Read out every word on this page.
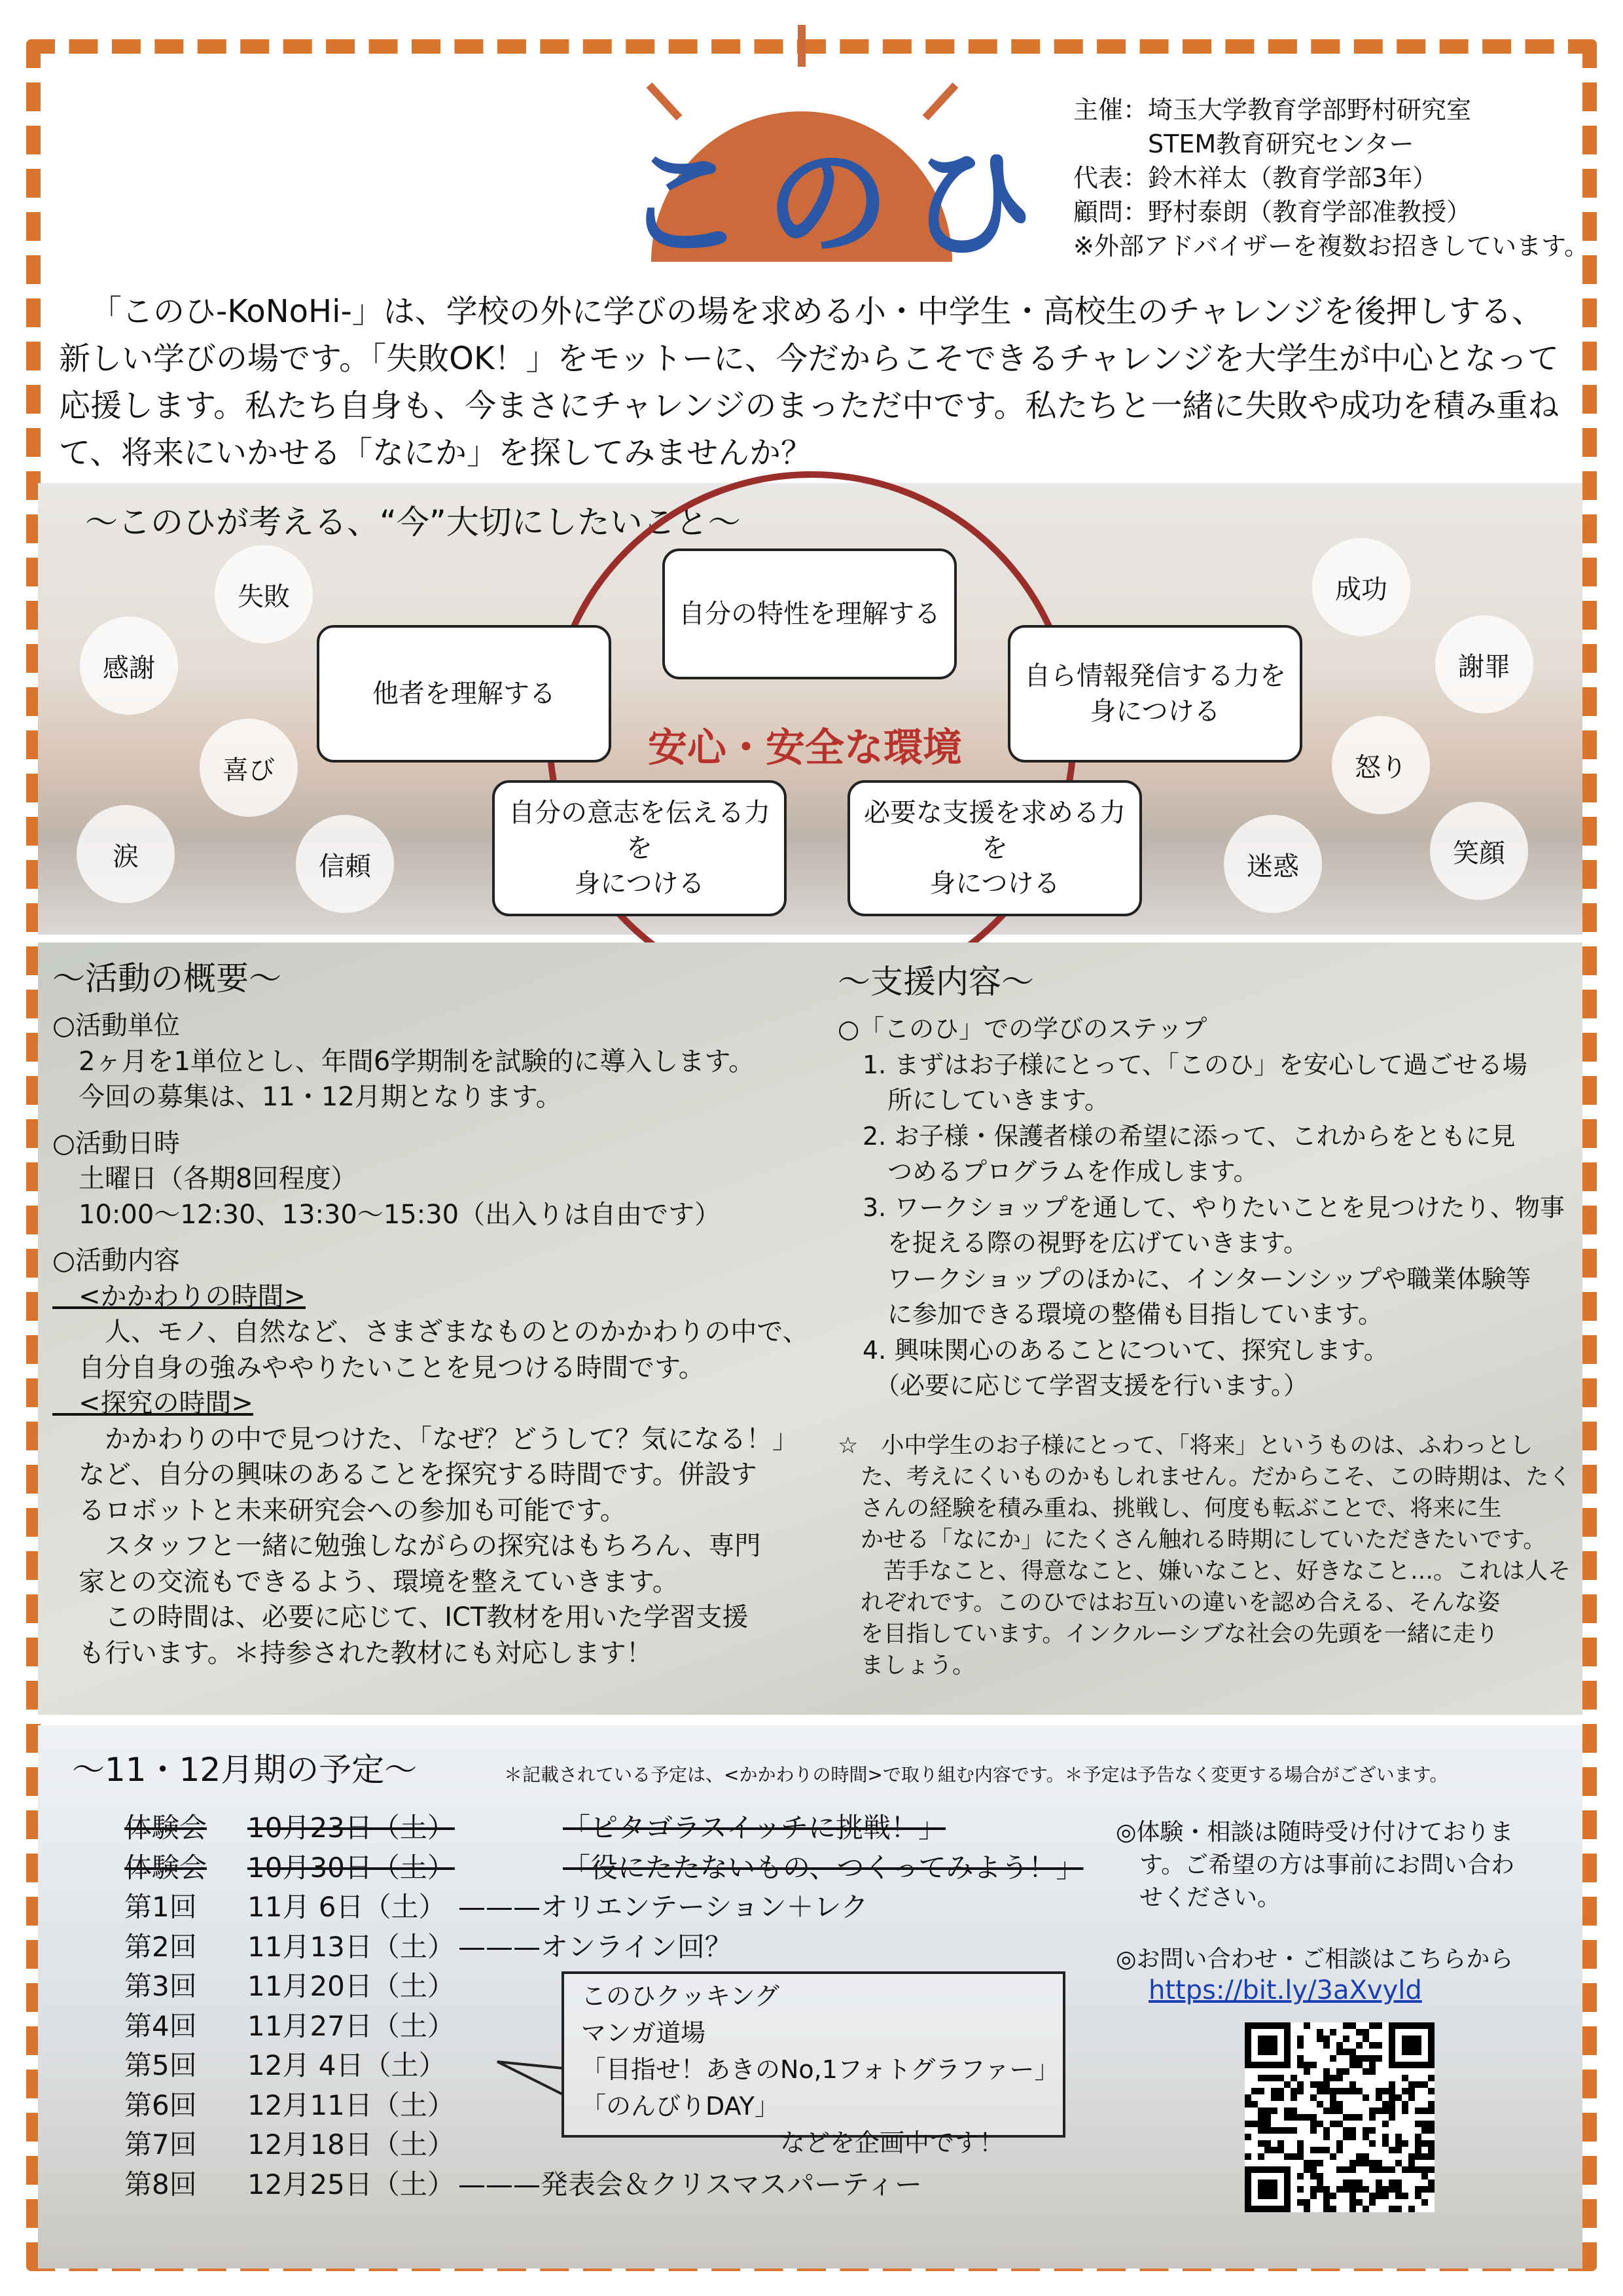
このひ
主催：埼玉大学教育学部野村研究室
　　　STEM教育研究センター
代表：鈴木祥太（教育学部3年）
顧問：野村泰朗（教育学部准教授）
※外部アドバイザーを複数お招きしています。
「このひ-KoNoHi-」は、学校の外に学びの場を求める小・中学生・高校生のチャレンジを後押しする、新しい学びの場です。「失敗OK！」をモットーに、今だからこそできるチャレンジを大学生が中心となって応援します。私たち自身も、今まさにチャレンジのまっただ中です。私たちと一緒に失敗や成功を積み重ねて、将来にいかせる「なにか」を探してみませんか？
～このひが考える、“今”大切にしたいこと～
安心・安全な環境
自分の特性を理解する
他者を理解する
自ら情報発信する力を
身につける
自分の意志を伝える力を
身につける
必要な支援を求める力を
身につける
失敗
感謝
喜び
涙	信頼
成功
謝罪
怒り
迷惑	笑顔
～活動の概要～

○活動単位

　2ヶ月を1単位とし、年間6学期制を試験的に導入します。

　今回の募集は、11・12月期となります。

○活動日時

　土曜日（各期8回程度）

　10:00～12:30、13:30～15:30（出入りは自由です）

○活動内容

　<かかわりの時間>

　　人、モノ、自然など、さまざまなものとのかかわりの中で、

　自分自身の強みややりたいことを見つける時間です。

　<探究の時間>

　　かかわりの中で見つけた、「なぜ？どうして？気になる！」

　など、自分の興味のあることを探究する時間です。併設す

　るロボットと未来研究会への参加も可能です。

　　スタッフと一緒に勉強しながらの探究はもちろん、専門

　家との交流もできるよう、環境を整えていきます。

　　この時間は、必要に応じて、ICT教材を用いた学習支援

　も行います。＊持参された教材にも対応します！

～支援内容～

○「このひ」での学びのステップ

　1. まずはお子様にとって、「このひ」を安心して過ごせる場

　　所にしていきます。

　2. お子様・保護者様の希望に添って、これからをともに見

　　つめるプログラムを作成します。

　3. ワークショップを通して、やりたいことを見つけたり、物事

　　を捉える際の視野を広げていきます。

　　ワークショップのほかに、インターンシップや職業体験等

　　に参加できる環境の整備も目指しています。

　4. 興味関心のあることについて、探究します。

　　（必要に応じて学習支援を行います。）

☆　小中学生のお子様にとって、「将来」というものは、ふわっとし

　た、考えにくいものかもしれません。だからこそ、この時期は、たく

　さんの経験を積み重ね、挑戦し、何度も転ぶことで、将来に生

　かせる「なにか」にたくさん触れる時期にしていただきたいです。

　　苦手なこと、得意なこと、嫌いなこと、好きなこと…。これは人そ

　れぞれです。このひではお互いの違いを認め合える、そんな姿

　を目指しています。インクルーシブな社会の先頭を一緒に走り

　ましょう。

～11・12月期の予定～	＊記載されている予定は、<かかわりの時間>で取り組む内容です。＊予定は予告なく変更する場合がございます。
体験会 10月23日（土）	「ピタゴラスイッチに挑戦！」
体験会 10月30日（土）	「役にたたないもの、つくってみよう！」
第1回 11月 6日（土） ———オリエンテーション＋レク
第2回 11月13日（土） ———オンライン回？
第3回 11月20日（土）
第4回 11月27日（土）
第5回 12月 4日（土）
第6回 12月11日（土）
第7回 12月18日（土）
第8回 12月25日（土） ———発表会＆クリスマスパーティー

このひクッキング

マンガ道場

「目指せ！あきのNo,1フォトグラファー」

「のんびりDAY」

　　　　　　　　などを企画中です！

◎体験・相談は随時受け付けておりま

　す。ご希望の方は事前にお問い合わ

　せください。

◎お問い合わせ・ご相談はこちらから
https://bit.ly/3aXvyld
